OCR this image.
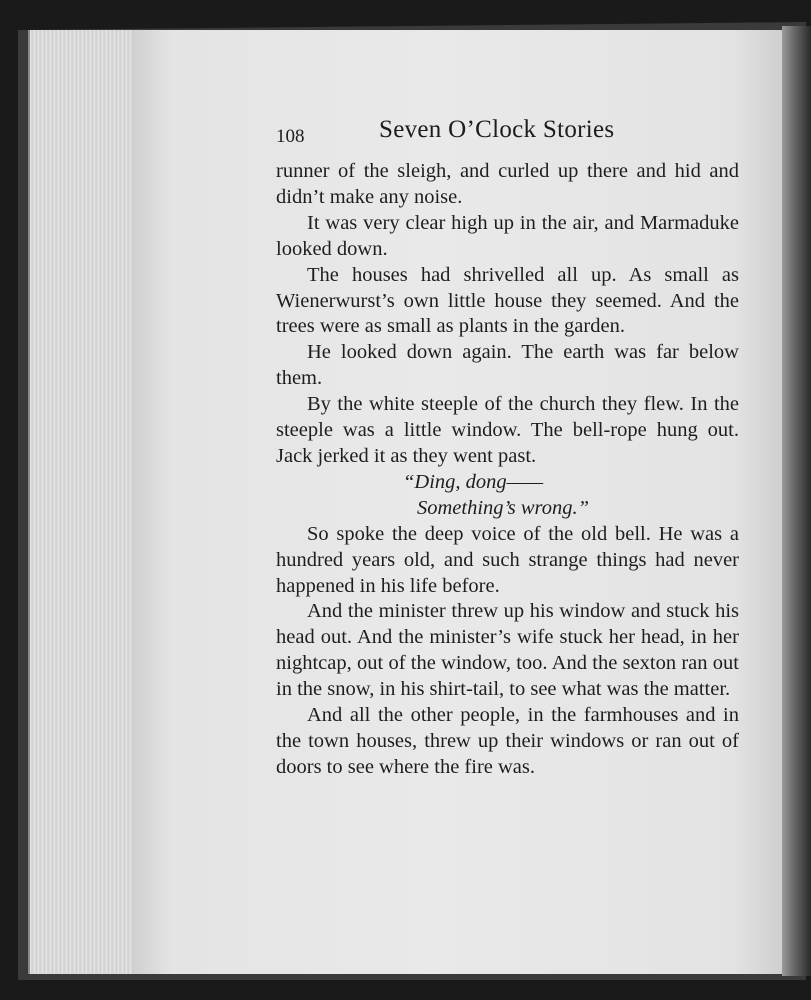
108	Seven O’Clock Stories

runner of the sleigh, and curled up there and hid and didn’t make any noise.

It was very clear high up in the air, and Marmaduke looked down.

The houses had shrivelled all up. As small as Wienerwurst’s own little house they seemed. And the trees were as small as plants in the garden.

He looked down again. The earth was far below them.

By the white steeple of the church they flew. In the steeple was a little window. The bell-rope hung out. Jack jerked it as they went past.

“Ding, dong——
Something’s wrong.”

So spoke the deep voice of the old bell. He was a hundred years old, and such strange things had never happened in his life before.

And the minister threw up his window and stuck his head out. And the minister’s wife stuck her head, in her nightcap, out of the window, too. And the sexton ran out in the snow, in his shirt-tail, to see what was the matter.

And all the other people, in the farmhouses and in the town houses, threw up their windows or ran out of doors to see where the fire was.
